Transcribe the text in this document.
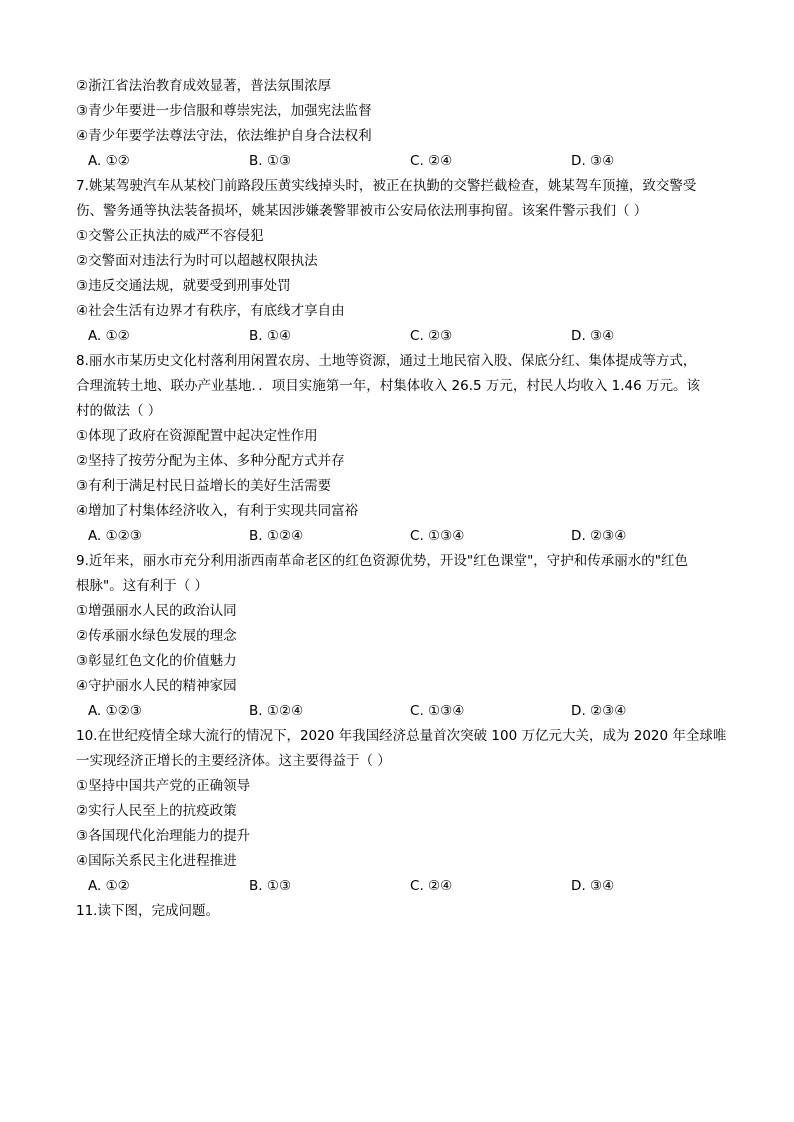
②浙江省法治教育成效显著，普法氛围浓厚
③青少年要进一步信服和尊崇宪法，加强宪法监督
④青少年要学法尊法守法，依法维护自身合法权利
A. ①②	B. ①③	C. ②④	D. ③④
7.姚某驾驶汽车从某校门前路段压黄实线掉头时，被正在执勤的交警拦截检查，姚某驾车顶撞，致交警受
伤、警务通等执法装备损坏，姚某因涉嫌袭警罪被市公安局依法刑事拘留。该案件警示我们（ ）
①交警公正执法的威严不容侵犯
②交警面对违法行为时可以超越权限执法
③违反交通法规，就要受到刑事处罚
④社会生活有边界才有秩序，有底线才享自由
A. ①②	B. ①④	C. ②③	D. ③④
8.丽水市某历史文化村落利用闲置农房、土地等资源，通过土地民宿入股、保底分红、集体提成等方式，
合理流转土地、联办产业基地．．项目实施第一年，村集体收入 26.5 万元，村民人均收入 1.46 万元。该
村的做法（ ）
①体现了政府在资源配置中起决定性作用
②坚持了按劳分配为主体、多种分配方式并存
③有利于满足村民日益增长的美好生活需要
④增加了村集体经济收入，有利于实现共同富裕
A. ①②③	B. ①②④	C. ①③④	D. ②③④
9.近年来，丽水市充分利用浙西南革命老区的红色资源优势，开设"红色课堂"，守护和传承丽水的"红色
根脉"。这有利于（ ）
①增强丽水人民的政治认同
②传承丽水绿色发展的理念
③彰显红色文化的价值魅力
④守护丽水人民的精神家园
A. ①②③	B. ①②④	C. ①③④	D. ②③④
10.在世纪疫情全球大流行的情况下，2020 年我国经济总量首次突破 100 万亿元大关，成为 2020 年全球唯
一实现经济正增长的主要经济体。这主要得益于（ ）
①坚持中国共产党的正确领导
②实行人民至上的抗疫政策
③各国现代化治理能力的提升
④国际关系民主化进程推进
A. ①②	B. ①③	C. ②④	D. ③④
11.读下图，完成问题。
